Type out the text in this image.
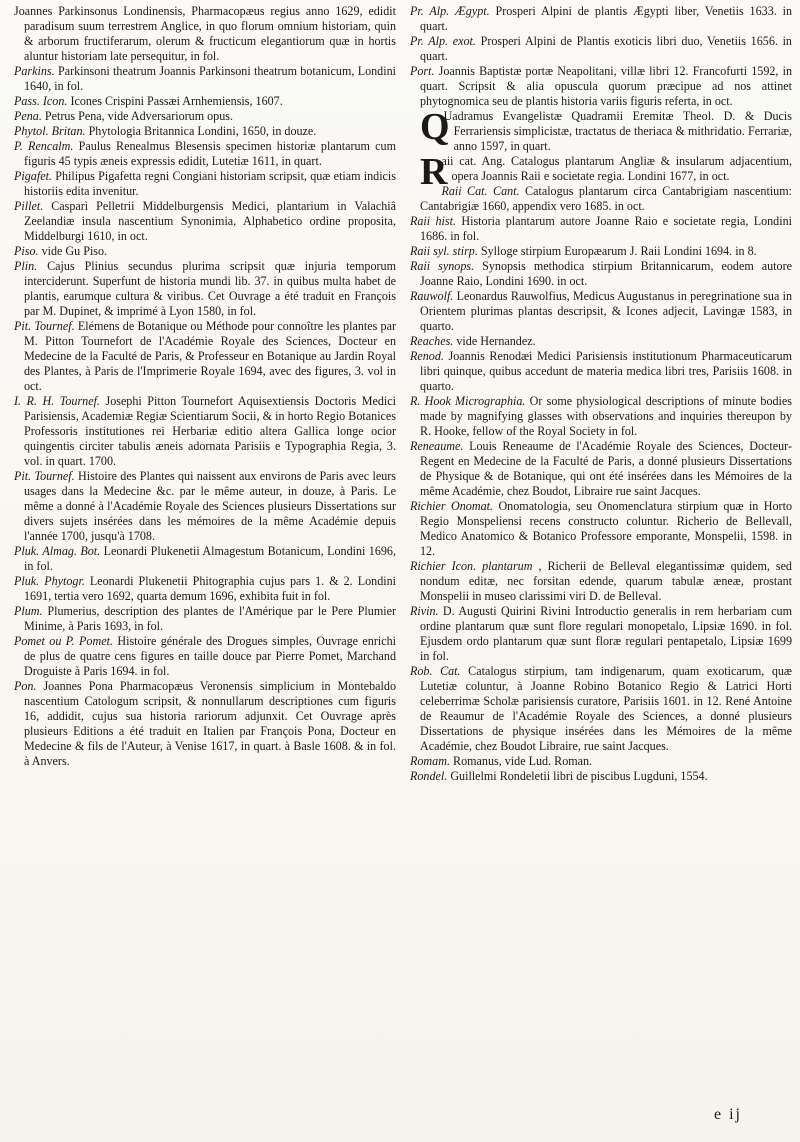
Joannes Parkinsonus Londinensis, Pharmacopæus regius anno 1629, edidit paradisum suum terrestrem Anglice, in quo florum omnium historiam, quin & arborum fructiferarum, olerum & fructicum elegantiorum quæ in hortis aluntur historiam late persequitur, in fol.

Parkins. Parkinsoni theatrum Joannis Parkinsoni theatrum botanicum, Londini 1640, in fol.

Pass. Icon. Icones Crispini Passæi Arnhemiensis, 1607.

Pena. Petrus Pena, vide Adversariorum opus.

Phytol. Britan. Phytologia Britannica Londini, 1650, in douze.

P. Rencalm. Paulus Renealmus Blesensis specimen historiæ plantarum cum figuris 45 typis æneis expressis edidit, Lutetiæ 1611, in quart.

Pigafet. Philipus Pigafetta regni Congiani historiam scripsit, quæ etiam indicis historiis edita invenitur.

Pillet. Casparì Pelletrii Middelburgensis Medici, plantarium in Valachiâ Zeelandiæ insula nascentium Synonimia, Alphabetico ordine proposita, Middelburgi 1610, in oct.

Piso. vide Gu Piso.

Plin. Cajus Plinius secundus plurima scripsit quæ injuria temporum interciderunt. Superfunt de historia mundi lib. 37. in quibus multa habet de plantis, earumque cultura & viribus. Cet Ouvrage a été traduit en François par M. Dupinet, & imprimé à Lyon 1580, in fol.

Pit. Tournef. Elémens de Botanique ou Méthode pour connoître les plantes par M. Pitton Tournefort de l'Académie Royale des Sciences, Docteur en Medecine de la Faculté de Paris, & Professeur en Botanique au Jardin Royal des Plantes, à Paris de l'Imprimerie Royale 1694, avec des figures, 3. vol in oct.

I. R. H. Tournef. Josephi Pitton Tournefort Aquisextiensis Doctoris Medici Parisiensis, Academiæ Regiæ Scientiarum Socii, & in horto Regio Botanices Professoris institutiones rei Herbariæ editio altera Gallica longe ocior quingentis circiter tabulis æneis adornata Parisiis e Typographia Regia, 3. vol. in quart. 1700.

Pit. Tournef. Histoire des Plantes qui naissent aux environs de Paris avec leurs usages dans la Medecine &c. par le même auteur, in douze, à Paris. Le même a donné à l'Académie Royale des Sciences plusieurs Dissertations sur divers sujets insérées dans les mémoires de la même Académie depuis l'année 1700, jusqu'à 1708.

Pluk. Almag. Bot. Leonardi Plukenetii Almagestum Botanicum, Londini 1696, in fol.

Pluk. Phytogr. Leonardi Plukenetii Phitographia cujus pars 1. & 2. Londini 1691, tertia vero 1692, quarta demum 1696, exhibita fuit in fol.

Plum. Plumerius, description des plantes de l'Amérique par le Pere Plumier Minime, à Paris 1693, in fol.

Pomet ou P. Pomet. Histoire générale des Drogues simples, Ouvrage enrichi de plus de quatre cens figures en taille douce par Pierre Pomet, Marchand Droguiste à Paris 1694. in fol.

Pon. Joannes Pona Pharmacopæus Veronensis simplicium in Montebaldo nascentium Catologum scripsit, & nonnullarum descriptiones cum figuris 16, addidit, cujus sua historia rariorum adjunxit. Cet Ouvrage après plusieurs Editions a été traduit en Italien par François Pona, Docteur en Medecine & fils de l'Auteur, à Venise 1617, in quart. à Basle 1608. & in fol. à Anvers.

Pr. Alp. Ægypt. Prosperi Alpini de plantis Ægypti liber, Venetiis 1633. in quart.

Pr. Alp. exot. Prosperi Alpini de Plantis exoticis libri duo, Venetiis 1656. in quart.

Port. Joannis Baptistæ portæ Neapolitani, villæ libri 12. Francofurti 1592, in quart. Scripsit & alia opuscula quorum præcipue ad nos attinet phytognomica seu de plantis historia variis figuris referta, in oct.

Q
Uadramus Evangelistæ Quadramii Eremitæ Theol. D. & Ducis Ferrariensis simplicistæ, tractatus de theriaca & mithridatio. Ferrariæ, anno 1597, in quart.

R
aii cat. Ang. Catalogus plantarum Angliæ & insularum adjacentium, opera Joannis Raii e societate regia. Londini 1677, in oct.

Raii Cat. Cant. Catalogus plantarum circa Cantabrigiam nascentium: Cantabrigiæ 1660, appendix vero 1685. in oct.

Raii hist. Historia plantarum autore Joanne Raio e societate regia, Londini 1686. in fol.

Raii syl. stirp. Sylloge stirpium Europæarum J. Raii Londini 1694. in 8.

Raii synops. Synopsis methodica stirpium Britannicarum, eodem autore Joanne Raio, Londini 1690. in oct.

Rauwolf. Leonardus Rauwolfius, Medicus Augustanus in peregrinatione sua in Orientem plurimas plantas descripsit, & Icones adjecit, Lavingæ 1583, in quarto.

Reaches. vide Hernandez.

Renod. Joannis Renodæi Medici Parisiensis institutionum Pharmaceuticarum libri quinque, quibus accedunt de materia medica libri tres, Parisiis 1608. in quarto.

R. Hook Micrographia. Or some physiological descriptions of minute bodies made by magnifying glasses with observations and inquiries thereupon by R. Hooke, fellow of the Royal Society in fol.

Reneaume. Louis Reneaume de l'Académie Royale des Sciences, Docteur-Regent en Medecine de la Faculté de Paris, a donné plusieurs Dissertations de Physique & de Botanique, qui ont été insérées dans les Mémoires de la même Académie, chez Boudot, Libraire rue saint Jacques.

Richier Onomat. Onomatologia, seu Onomenclatura stirpium quæ in Horto Regio Monspeliensi recens constructo coluntur. Richerio de Bellevall, Medico Anatomico & Botanico Professore emporante, Monspelii, 1598. in 12.

Richier Icon. plantarum , Richerii de Belleval elegantissimæ quidem, sed nondum editæ, nec forsitan edende, quarum tabulæ æneæ, prostant Monspelii in museo clarissimi viri D. de Belleval.

Rivin. D. Augusti Quirini Rivini Introductio generalis in rem herbariam cum ordine plantarum quæ sunt flore regulari monopetalo, Lipsiæ 1690. in fol. Ejusdem ordo plantarum quæ sunt floræ regulari pentapetalo, Lipsiæ 1699 in fol.

Rob. Cat. Catalogus stirpium, tam indigenarum, quam exoticarum, quæ Lutetiæ coluntur, à Joanne Robino Botanico Regio & Latrici Horti celeberrimæ Scholæ parisiensis curatore, Parisiis 1601. in 12. René Antoine de Reaumur de l'Académie Royale des Sciences, a donné plusieurs Dissertations de physique insérées dans les Mémoires de la même Académie, chez Boudot Libraire, rue saint Jacques.

Romam. Romanus, vide Lud. Roman.

Rondel. Guillelmi Rondeletii libri de piscibus Lugduni, 1554.

e ij
